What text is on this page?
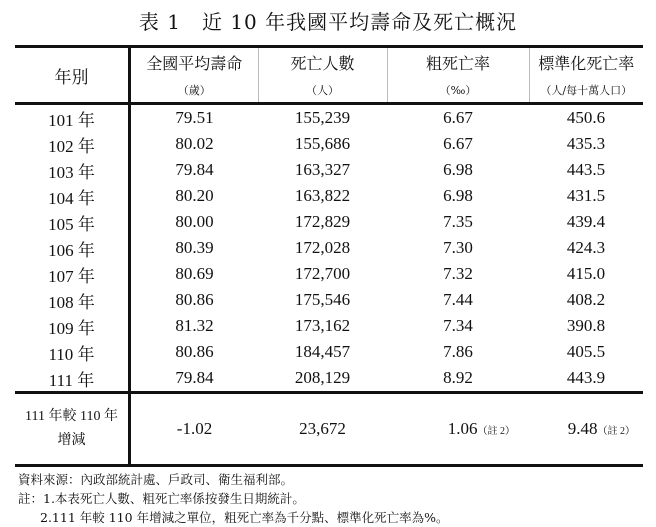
表 1　近 10 年我國平均壽命及死亡概況
年別	全國平均壽命	死亡人數	粗死亡率	標準化死亡率
	（歲）	（人）	（‰）	（人/每十萬人口）
101 年	79.51	155,239	6.67	450.6
102 年	80.02	155,686	6.67	435.3
103 年	79.84	163,327	6.98	443.5
104 年	80.20	163,822	6.98	431.5
105 年	80.00	172,829	7.35	439.4
106 年	80.39	172,028	7.30	424.3
107 年	80.69	172,700	7.32	415.0
108 年	80.86	175,546	7.44	408.2
109 年	81.32	173,162	7.34	390.8
110 年	80.86	184,457	7.86	405.5
111 年	79.84	208,129	8.92	443.9

111 年較 110 年
增減	-1.02	23,672	1.06（註 2）	9.48（註 2）
資料來源：內政部統計處、戶政司、衛生福利部。
註：1.本表死亡人數、粗死亡率係按發生日期統計。
2.111 年較 110 年增減之單位，粗死亡率為千分點、標準化死亡率為%。
